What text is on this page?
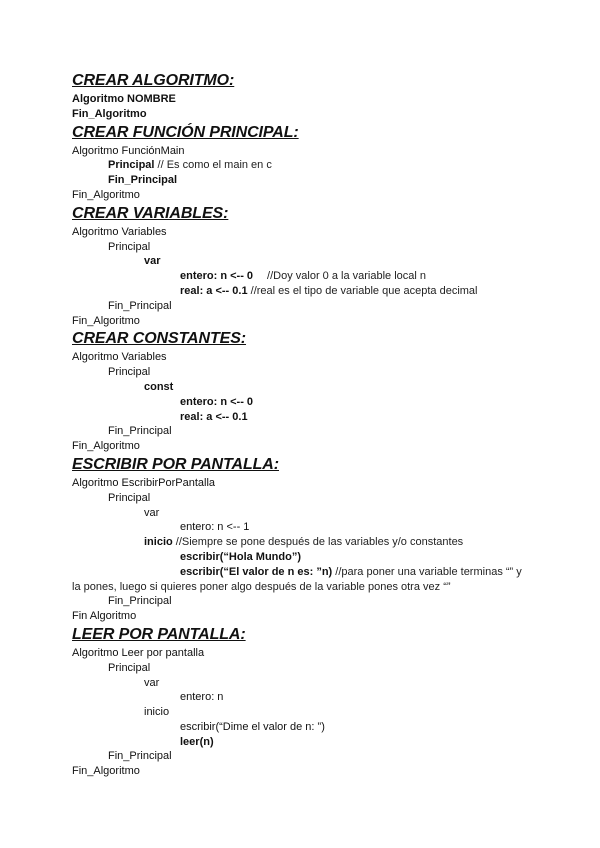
CREAR ALGORITMO:
Algoritmo NOMBRE
Fin_Algoritmo
CREAR FUNCIÓN PRINCIPAL:
Algoritmo FunciónMain
Principal // Es como el main en c
Fin_Principal
Fin_Algoritmo
CREAR VARIABLES:
Algoritmo Variables
Principal
var
entero: n <-- 0 //Doy valor 0 a la variable local n
real: a <-- 0.1 //real es el tipo de variable que acepta decimal
Fin_Principal
Fin_Algoritmo
CREAR CONSTANTES:
Algoritmo Variables
Principal
const
entero: n <-- 0
real: a <-- 0.1
Fin_Principal
Fin_Algoritmo
ESCRIBIR POR PANTALLA:
Algoritmo EscribirPorPantalla
Principal
var
entero: n <-- 1
inicio //Siempre se pone después de las variables y/o constantes
escribir(“Hola Mundo”)
escribir(“El valor de n es: ”n) //para poner una variable terminas “” y la pones, luego si quieres poner algo después de la variable pones otra vez “”
Fin_Principal
Fin Algoritmo
LEER POR PANTALLA:
Algoritmo Leer por pantalla
Principal
var
entero: n
inicio
escribir(“Dime el valor de n: ”)
leer(n)
Fin_Principal
Fin_Algoritmo
